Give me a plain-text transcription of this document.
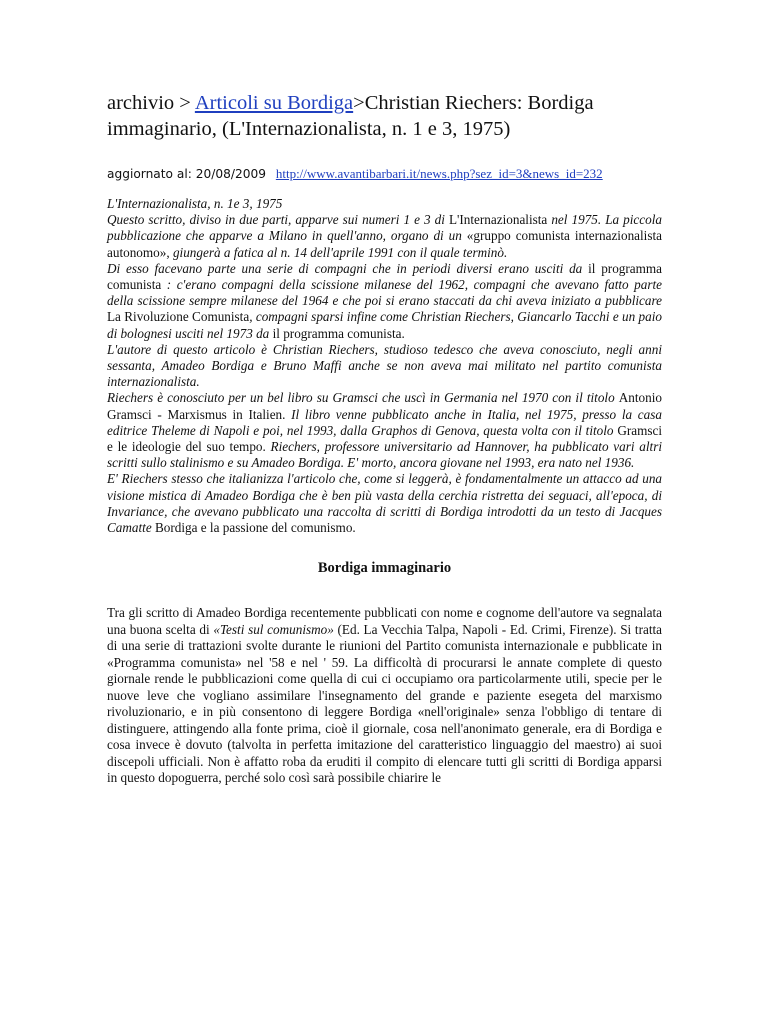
archivio > Articoli su Bordiga>Christian Riechers: Bordiga immaginario, (L'Internazionalista, n. 1 e 3, 1975)
aggiornato al: 20/08/2009 http://www.avantibarbari.it/news.php?sez_id=3&news_id=232

L'Internazionalista, n. 1e 3, 1975

Questo scritto, diviso in due parti, apparve sui numeri 1 e 3 di L'Internazionalista nel 1975. La piccola pubblicazione che apparve a Milano in quell'anno, organo di un «gruppo comunista internazionalista autonomo», giungerà a fatica al n. 14 dell'aprile 1991 con il quale terminò.

Di esso facevano parte una serie di compagni che in periodi diversi erano usciti da il programma comunista : c'erano compagni della scissione milanese del 1962, compagni che avevano fatto parte della scissione sempre milanese del 1964 e che poi si erano staccati da chi aveva iniziato a pubblicare La Rivoluzione Comunista, compagni sparsi infine come Christian Riechers, Giancarlo Tacchi e un paio di bolognesi usciti nel 1973 da il programma comunista.

L'autore di questo articolo è Christian Riechers, studioso tedesco che aveva conosciuto, negli anni sessanta, Amadeo Bordiga e Bruno Maffi anche se non aveva mai militato nel partito comunista internazionalista.

Riechers è conosciuto per un bel libro su Gramsci che uscì in Germania nel 1970 con il titolo Antonio Gramsci - Marxismus in Italien. Il libro venne pubblicato anche in Italia, nel 1975, presso la casa editrice Theleme di Napoli e poi, nel 1993, dalla Graphos di Genova, questa volta con il titolo Gramsci e le ideologie del suo tempo. Riechers, professore universitario ad Hannover, ha pubblicato vari altri scritti sullo stalinismo e su Amadeo Bordiga. E' morto, ancora giovane nel 1993, era nato nel 1936.

E' Riechers stesso che italianizza l'articolo che, come si leggerà, è fondamentalmente un attacco ad una visione mistica di Amadeo Bordiga che è ben più vasta della cerchia ristretta dei seguaci, all'epoca, di Invariance, che avevano pubblicato una raccolta di scritti di Bordiga introdotti da un testo di Jacques Camatte Bordiga e la passione del comunismo.

Bordiga immaginario

Tra gli scritto di Amadeo Bordiga recentemente pubblicati con nome e cognome dell'autore va segnalata una buona scelta di «Testi sul comunismo» (Ed. La Vecchia Talpa, Napoli - Ed. Crimi, Firenze). Si tratta di una serie di trattazioni svolte durante le riunioni del Partito comunista internazionale e pubblicate in «Programma comunista» nel '58 e nel ' 59. La difficoltà di procurarsi le annate complete di questo giornale rende le pubblicazioni come quella di cui ci occupiamo ora particolarmente utili, specie per le nuove leve che vogliano assimilare l'insegnamento del grande e paziente esegeta del marxismo rivoluzionario, e in più consentono di leggere Bordiga «nell'originale» senza l'obbligo di tentare di distinguere, attingendo alla fonte prima, cioè il giornale, cosa nell'anonimato generale, era di Bordiga e cosa invece è dovuto (talvolta in perfetta imitazione del caratteristico linguaggio del maestro) ai suoi discepoli ufficiali. Non è affatto roba da eruditi il compito di elencare tutti gli scritti di Bordiga apparsi in questo dopoguerra, perché solo così sarà possibile chiarire le
